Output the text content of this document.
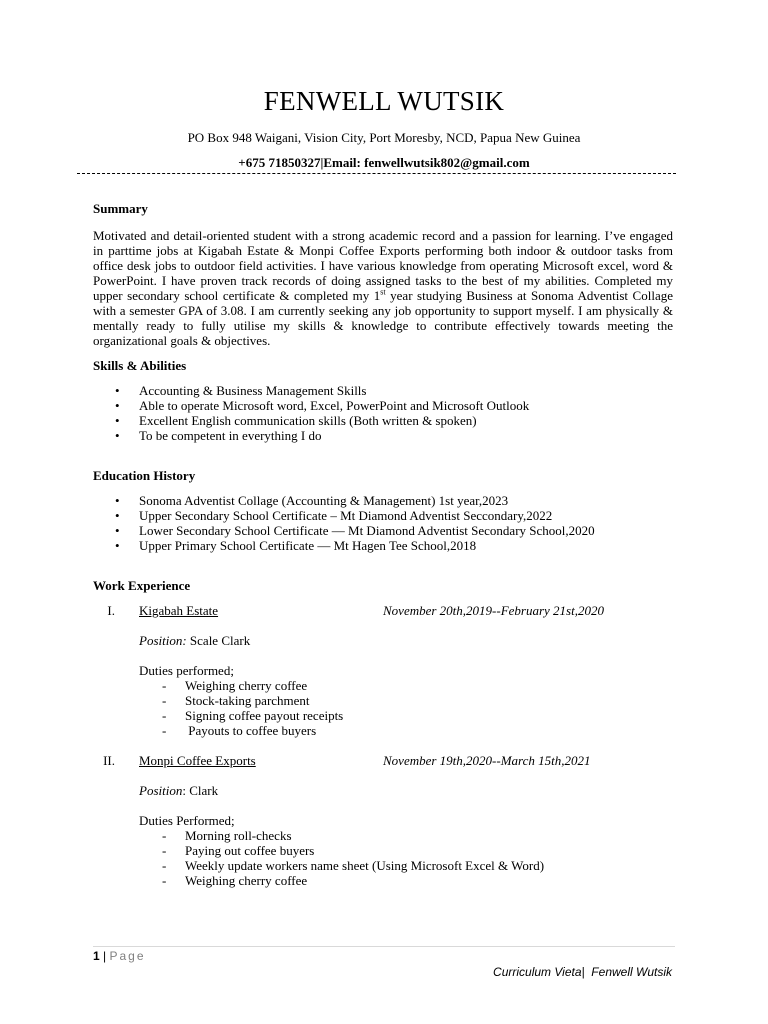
FENWELL WUTSIK
PO Box 948 Waigani, Vision City, Port Moresby, NCD, Papua New Guinea
+675 71850327|Email: fenwellwutsik802@gmail.com
Summary

Motivated and detail-oriented student with a strong academic record and a passion for learning. I’ve engaged in parttime jobs at Kigabah Estate & Monpi Coffee Exports performing both indoor & outdoor tasks from office desk jobs to outdoor field activities. I have various knowledge from operating Microsoft excel, word & PowerPoint. I have proven track records of doing assigned tasks to the best of my abilities. Completed my upper secondary school certificate & completed my 1st year studying Business at Sonoma Adventist Collage with a semester GPA of 3.08. I am currently seeking any job opportunity to support myself. I am physically & mentally ready to fully utilise my skills & knowledge to contribute effectively towards meeting the organizational goals & objectives.

Skills & Abilities
• Accounting & Business Management Skills
• Able to operate Microsoft word, Excel, PowerPoint and Microsoft Outlook
• Excellent English communication skills (Both written & spoken)
• To be competent in everything I do
Education History
• Sonoma Adventist Collage (Accounting & Management) 1st year,2023
• Upper Secondary School Certificate – Mt Diamond Adventist Seccondary,2022
• Lower Secondary School Certificate — Mt Diamond Adventist Secondary School,2020
• Upper Primary School Certificate — Mt Hagen Tee School,2018
Work Experience
I. Kigabah Estate	November 20th,2019--February 21st,2020
Position: Scale Clark
Duties performed;
- Weighing cherry coffee
- Stock-taking parchment
- Signing coffee payout receipts
-  Payouts to coffee buyers
II. Monpi Coffee Exports	November 19th,2020--March 15th,2021
Position: Clark
Duties Performed;
- Morning roll-checks
- Paying out coffee buyers
- Weekly update workers name sheet (Using Microsoft Excel & Word)
- Weighing cherry coffee
1 | Page
Curriculum Vieta|  Fenwell Wutsik
